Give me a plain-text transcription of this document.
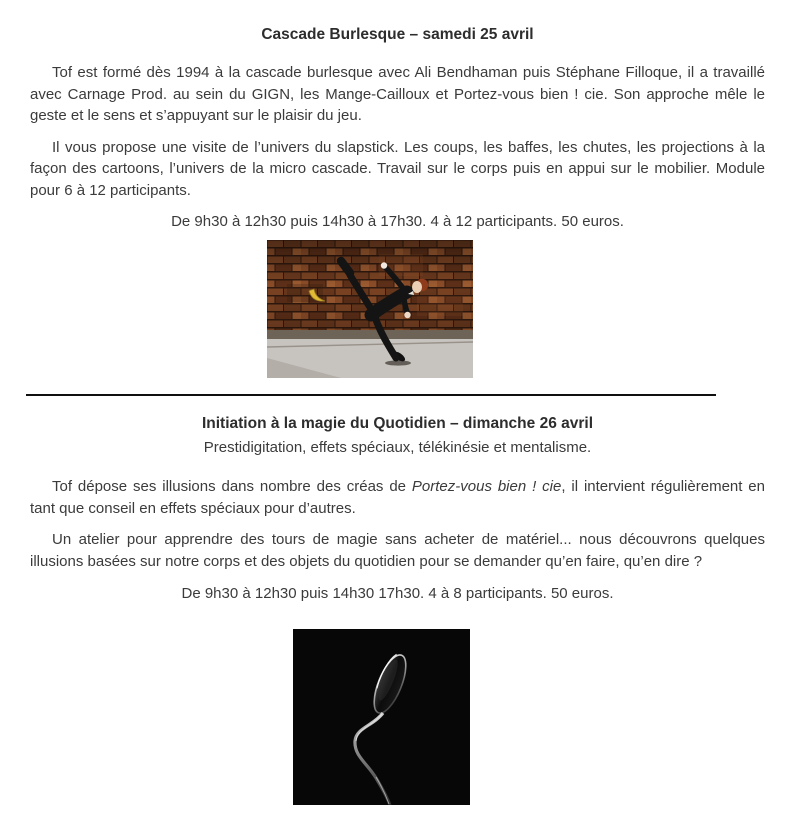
Cascade Burlesque – samedi 25 avril

Tof est formé dès 1994 à la cascade burlesque avec Ali Bendhaman puis Stéphane Filloque, il a travaillé avec Carnage Prod. au sein du GIGN, les Mange-Cailloux et Portez-vous bien ! cie. Son approche mêle le geste et le sens et s’appuyant sur le plaisir du jeu.

Il vous propose une visite de l’univers du slapstick. Les coups, les baffes, les chutes, les projections à la façon des cartoons, l’univers de la micro cascade. Travail sur le corps puis en appui sur le mobilier. Module pour 6 à 12 participants.

De 9h30 à 12h30 puis 14h30 à 17h30. 4 à 12 participants. 50 euros.

Initiation à la magie du Quotidien – dimanche 26 avril

Prestidigitation, effets spéciaux, télékinésie et mentalisme.

Tof dépose ses illusions dans nombre des créas de Portez-vous bien ! cie, il intervient régulièrement en tant que conseil en effets spéciaux pour d’autres.

Un atelier pour apprendre des tours de magie sans acheter de matériel... nous découvrons quelques illusions basées sur notre corps et des objets du quotidien pour se demander qu’en faire, qu’en dire ?

De 9h30 à 12h30 puis 14h30 17h30. 4 à 8 participants. 50 euros.
